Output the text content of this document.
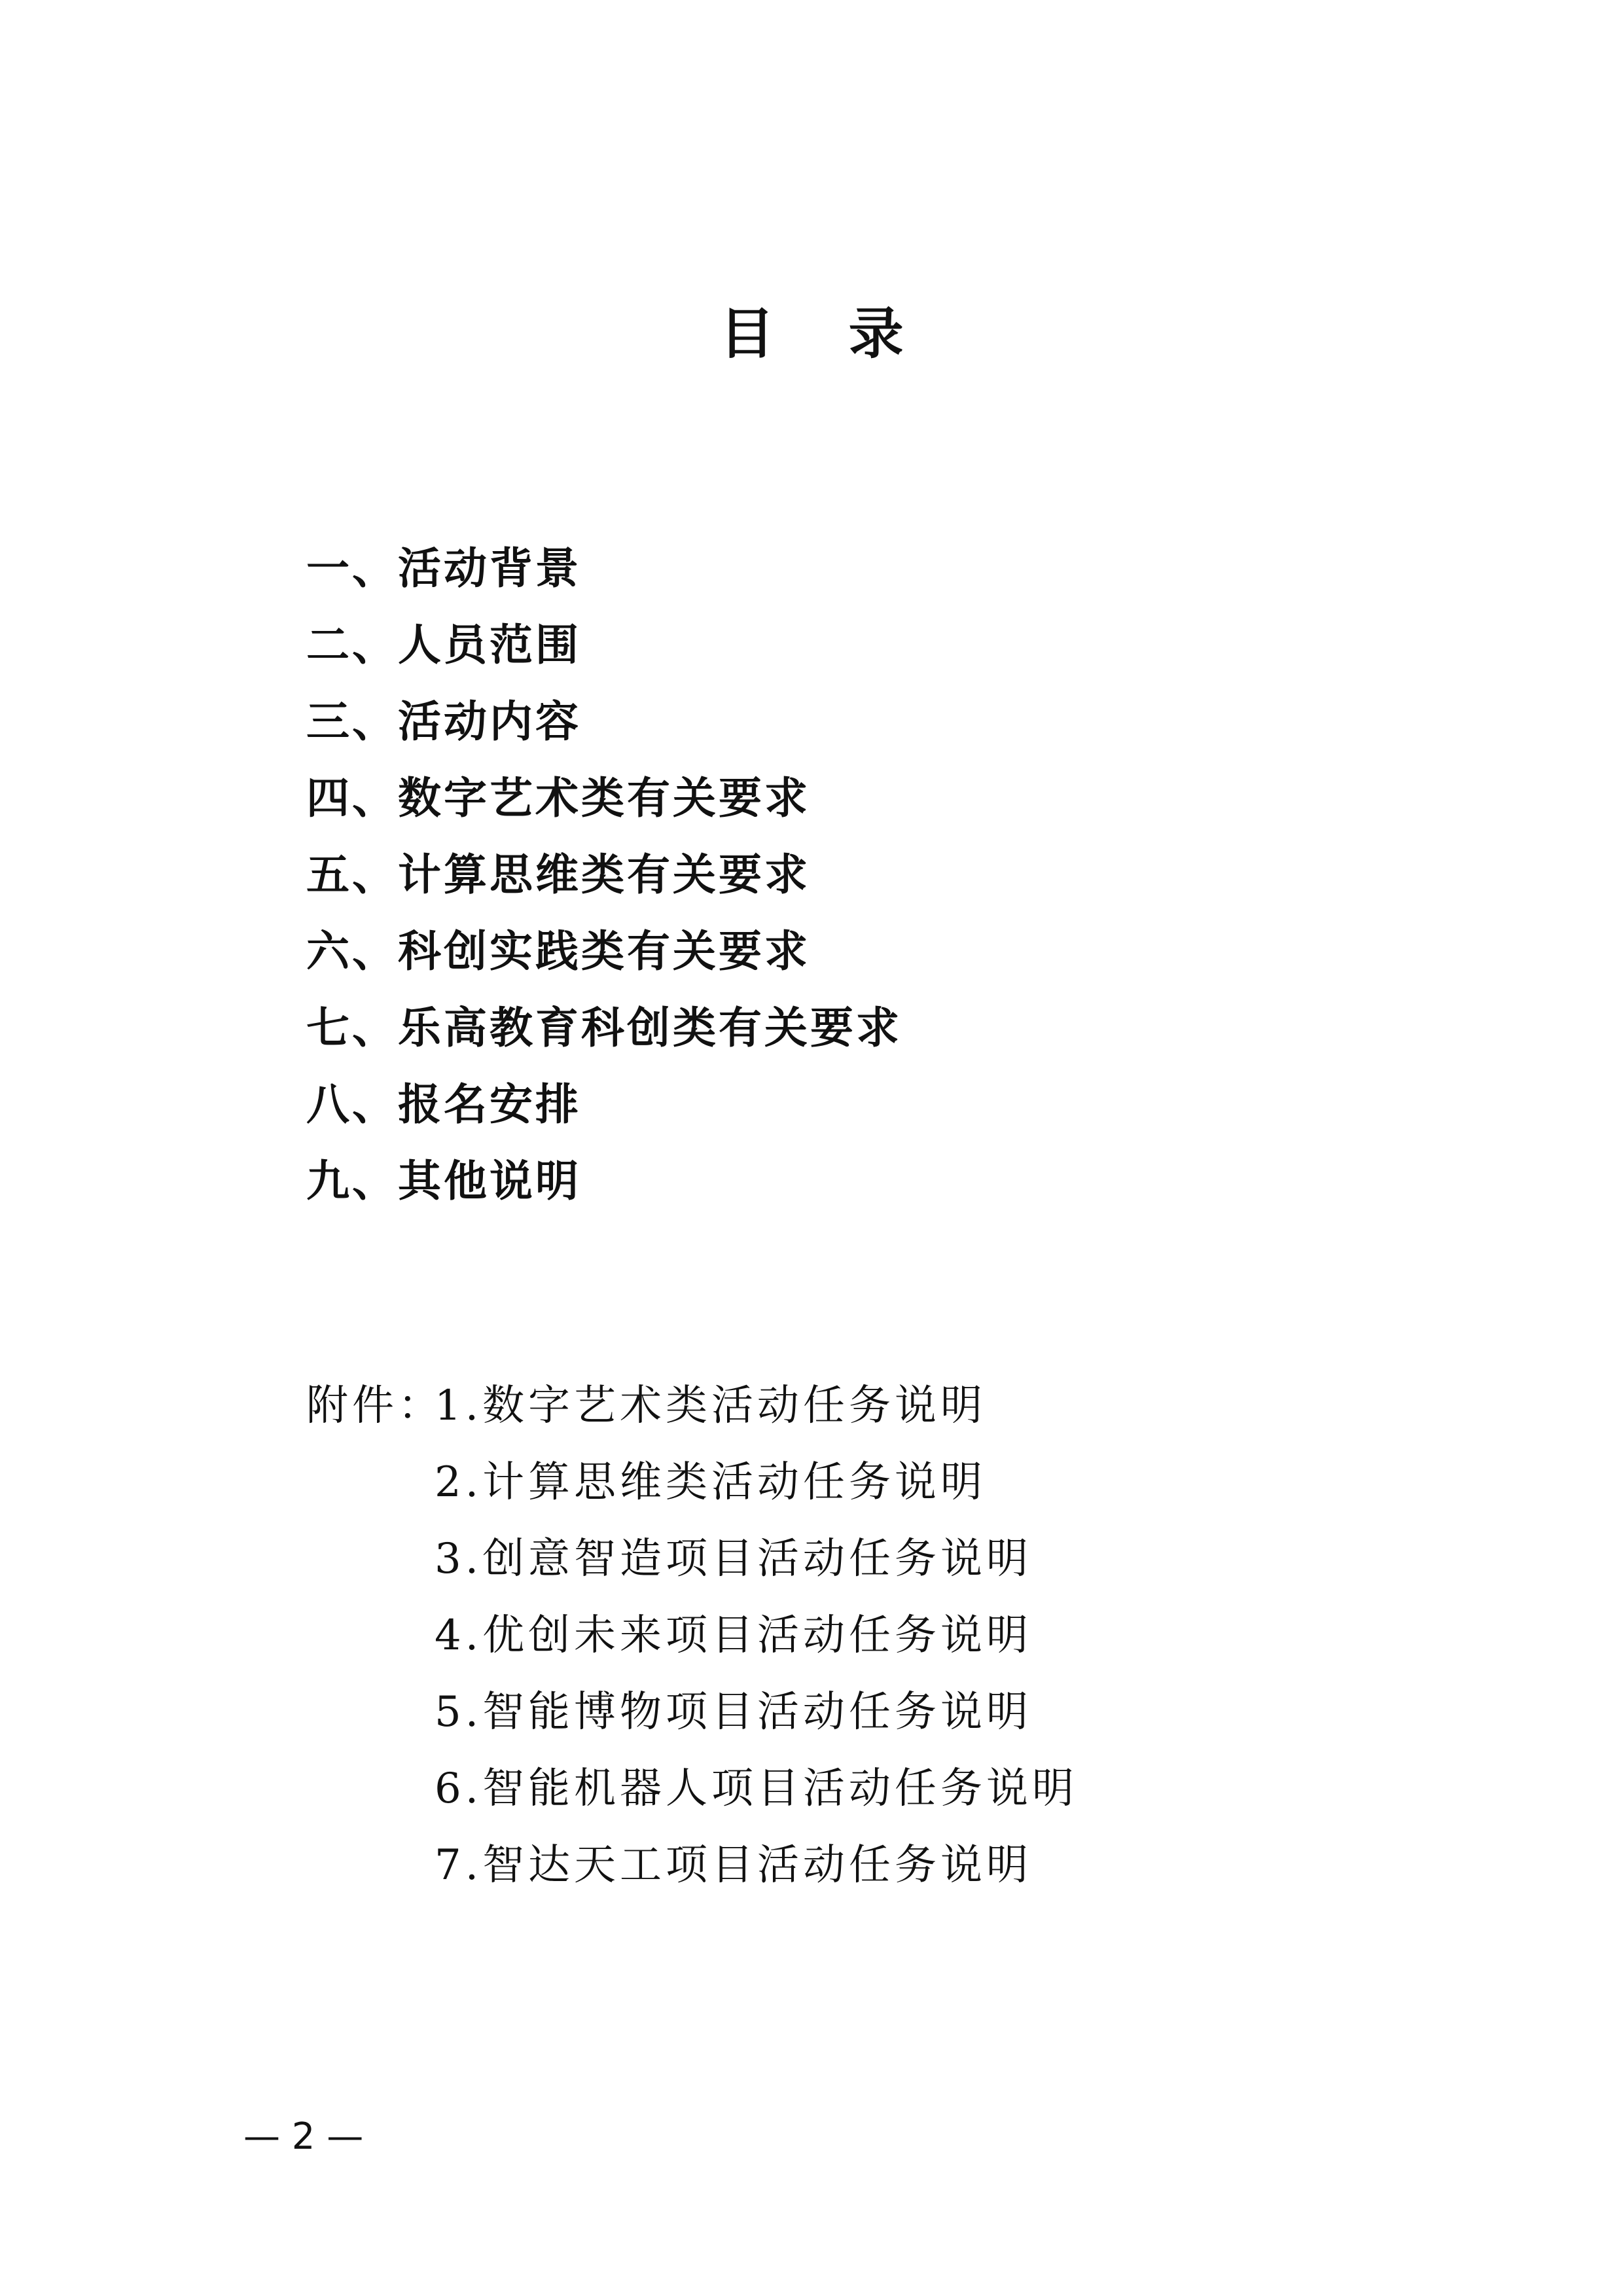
目 录
一、活动背景
二、人员范围
三、活动内容
四、数字艺术类有关要求
五、计算思维类有关要求
六、科创实践类有关要求
七、乐高教育科创类有关要求
八、报名安排
九、其他说明
附件：
1.数字艺术类活动任务说明
2.计算思维类活动任务说明
3.创意智造项目活动任务说明
4.优创未来项目活动任务说明
5.智能博物项目活动任务说明
6.智能机器人项目活动任务说明
7.智达天工项目活动任务说明
— 2 —
